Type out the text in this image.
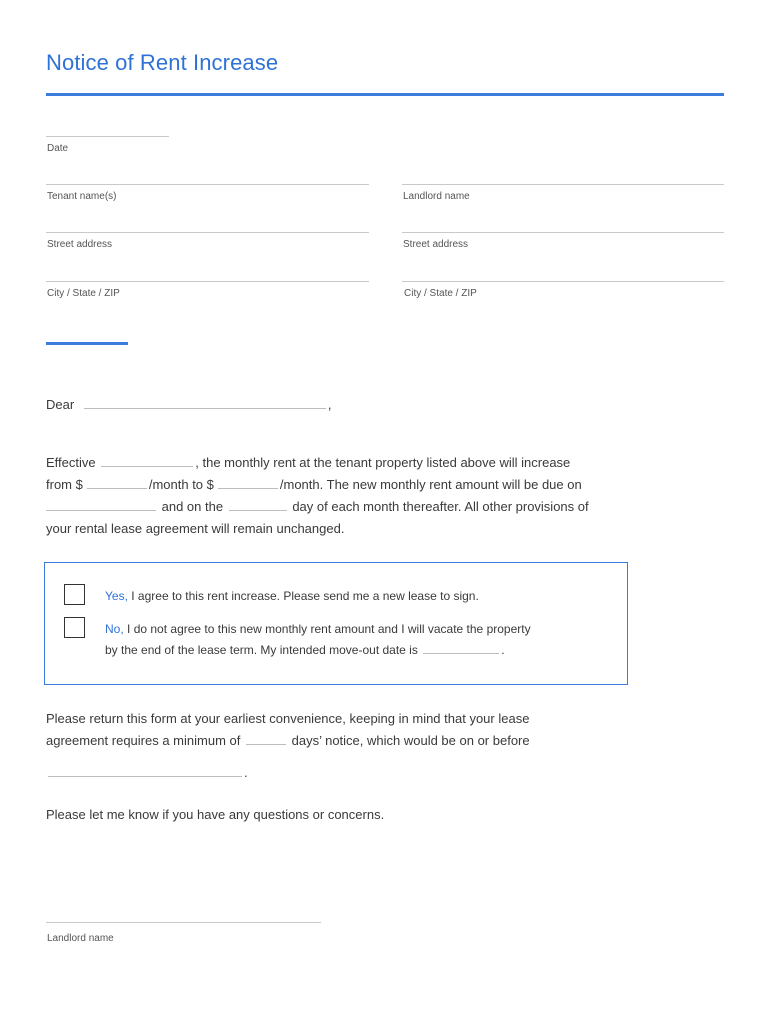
Notice of Rent Increase
Date
Tenant name(s)	Landlord name
Street address	Street address
City / State / ZIP	City / State / ZIP
Dear	,
Effective	, the monthly rent at the tenant property listed above will increase
from $	/month to $	/month. The new monthly rent amount will be due on
and on the	day of each month thereafter. All other provisions of
your rental lease agreement will remain unchanged.
Yes, I agree to this rent increase. Please send me a new lease to sign.
No, I do not agree to this new monthly rent amount and I will vacate the property
by the end of the lease term. My intended move-out date is	.
Please return this form at your earliest convenience, keeping in mind that your lease
agreement requires a minimum of	days’ notice, which would be on or before
.
Please let me know if you have any questions or concerns.
Landlord name
